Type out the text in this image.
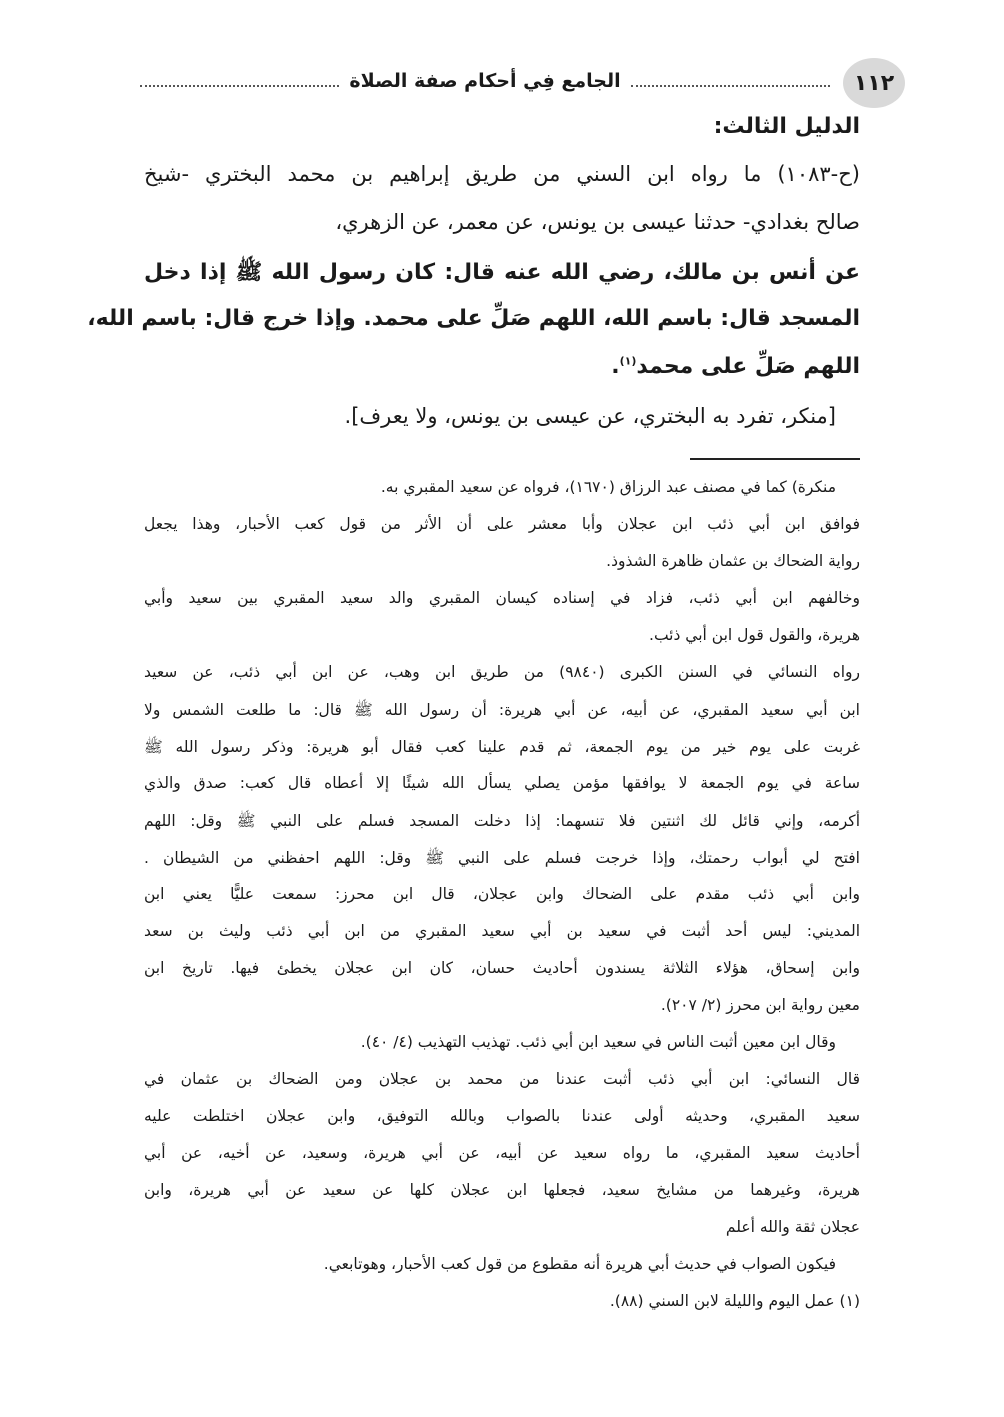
١١٢
الجامع فِي أحكام صفة الصلاة
الدليل الثالث:
(ح-١٠٨٣) ما رواه ابن السني من طريق إبراهيم بن محمد البختري -شيخ
صالح بغدادي- حدثنا عيسى بن يونس، عن معمر، عن الزهري،
عن أنس بن مالك، رضي الله عنه قال: كان رسول الله ﷺ إذا دخل
المسجد قال: باسم الله، اللهم صَلِّ على محمد. وإذا خرج قال: باسم الله،
اللهم صَلِّ على محمد$^{(١)}$.
[منكر، تفرد به البختري، عن عيسى بن يونس، ولا يعرف].
منكرة) كما في مصنف عبد الرزاق (١٦٧٠)، فرواه عن سعيد المقبري به.
فوافق ابن أبي ذئب ابن عجلان وأبا معشر على أن الأثر من قول كعب الأحبار، وهذا يجعل
رواية الضحاك بن عثمان ظاهرة الشذوذ.
وخالفهم ابن أبي ذئب، فزاد في إسناده كيسان المقبري والد سعيد المقبري بين سعيد وأبي
هريرة، والقول قول ابن أبي ذئب.
رواه النسائي في السنن الكبرى (٩٨٤٠) من طريق ابن وهب، عن ابن أبي ذئب، عن سعيد
ابن أبي سعيد المقبري، عن أبيه، عن أبي هريرة: أن رسول الله ﷺ قال: ما طلعت الشمس ولا
غربت على يوم خير من يوم الجمعة، ثم قدم علينا كعب فقال أبو هريرة: وذكر رسول الله ﷺ
ساعة في يوم الجمعة لا يوافقها مؤمن يصلي يسأل الله شيئًا إلا أعطاه قال كعب: صدق والذي
أكرمه، وإني قائل لك اثنتين فلا تنسهما: إذا دخلت المسجد فسلم على النبي ﷺ وقل: اللهم
افتح لي أبواب رحمتك، وإذا خرجت فسلم على النبي ﷺ وقل: اللهم احفظني من الشيطان .
وابن أبي ذئب مقدم على الضحاك وابن عجلان، قال ابن محرز: سمعت عليًّا يعني ابن
المديني: ليس أحد أثبت في سعيد بن أبي سعيد المقبري من ابن أبي ذئب وليث بن سعد
وابن إسحاق، هؤلاء الثلاثة يسندون أحاديث حسان، كان ابن عجلان يخطئ فيها. تاريخ ابن
معين رواية ابن محرز (٢/ ٢٠٧).
وقال ابن معين أثبت الناس في سعيد ابن أبي ذئب. تهذيب التهذيب (٤/ ٤٠).
قال النسائي: ابن أبي ذئب أثبت عندنا من محمد بن عجلان ومن الضحاك بن عثمان في
سعيد المقبري، وحديثه أولى عندنا بالصواب وبالله التوفيق، وابن عجلان اختلطت عليه
أحاديث سعيد المقبري، ما رواه سعيد عن أبيه، عن أبي هريرة، وسعيد، عن أخيه، عن أبي
هريرة، وغيرهما من مشايخ سعيد، فجعلها ابن عجلان كلها عن سعيد عن أبي هريرة، وابن
عجلان ثقة والله أعلم
فيكون الصواب في حديث أبي هريرة أنه مقطوع من قول كعب الأحبار، وهوتابعي.
(١) عمل اليوم والليلة لابن السني (٨٨).
